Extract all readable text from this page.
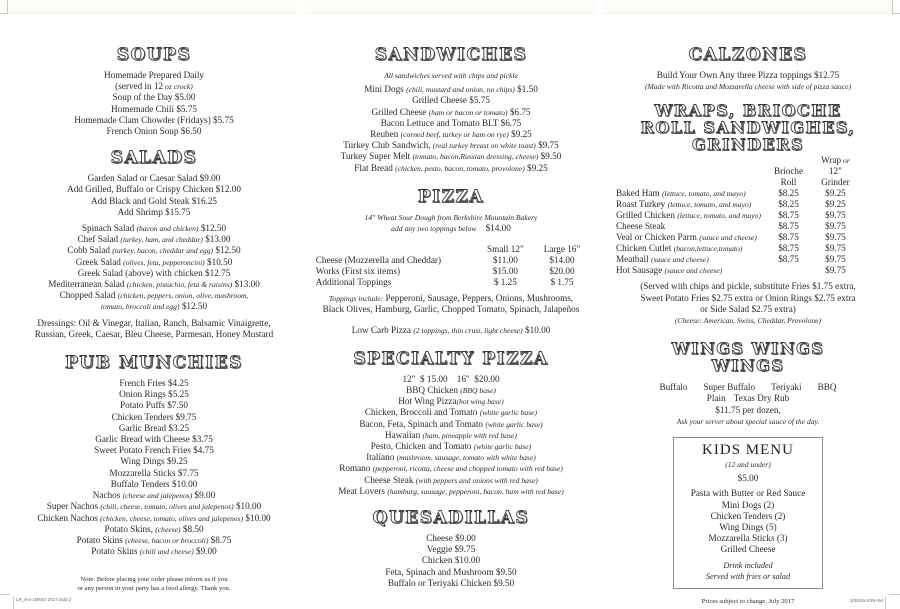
SOUPS
Homemade Prepared Daily
(served in 12 oz crock)
Soup of the Day $5.00
Homemade Chili $5.75
Homemade Clam Chowder (Fridays) $5.75
French Onion Soup $6.50
SALADS
Garden Salad or Caesar Salad $9.00
Add Grilled, Buffalo or Crispy Chicken $12.00
Add Black and Gold Steak $16.25
Add Shrimp $15.75
Spinach Salad (bacon and chicken) $12.50
Chef Salad (turkey, ham, and cheddar) $13.00
Cobb Salad (turkey, bacon, cheddar and egg) $12.50
Greek Salad (olives, feta, pepperoncini) $10.50
Greek Salad (above) with chicken $12.75
Mediterranean Salad (chicken, pistachio, feta & raisins) $13.00
Chopped Salad (chicken, peppers, onion, olive, mushroom,
tomato, broccoli and egg) $12.50
Dressings: Oil & Vinegar, Italian, Ranch, Balsamic Vinaigrette,
Russian, Greek, Caesar, Bleu Cheese, Parmesan, Honey Mustard
PUB MUNCHIES
French Fries $4.25
Onion Rings $5.25
Potato Puffs $7.50
Chicken Tenders $9.75
Garlic Bread $3.25
Garlic Bread with Cheese $3.75
Sweet Potato French Fries $4.75
Wing Dings $9.25
Mozzarella Sticks $7.75
Buffalo Tenders $10.00
Nachos (cheese and jalepenos) $9.00
Super Nachos (chili, cheese, tomato, olives and jalepenos) $10.00
Chicken Nachos (chicken, cheese, tomato, olives and jalepenos) $10.00
Potato Skins, (cheese) $8.50
Potato Skins (cheese, bacon or broccoli) $8.75
Potato Skins (chili and cheese) $9.00
Note: Before placing your order please inform us if you
or any person in your party has a food allergy. Thank you.
SANDWICHES
All sandwiches served with chips and pickle
Mini Dogs (chili, mustard and onion, no chips) $1.50
Grilled Cheese $5.75
Grilled Cheese (ham or bacon or tomato) $6.75
Bacon Lettuce and Tomato BLT $6.75
Reuben (corned beef, turkey or ham on rye) $9.25
Turkey Club Sandwich, (real turkey breast on white toast) $9.75
Turkey Super Melt (tomato, bacon,Russian dressing, cheese) $9.50
Flat Bread (chicken, pesto, bacon, tomato, provolone) $9.25
PIZZA
14" Wheat Sour Dough from Berkshire Mountain Bakery
add any two toppings below $14.00
	Small 12"	Large 16"
Cheese (Mozzerella and Cheddar)	$11.00	$14.00
Works (First six items)	$15.00	$20.00
Additional Toppings	$ 1.25	$ 1.75
Toppings include: Pepperoni, Sausage, Peppers, Onions, Mushrooms,
Black Olives, Hamburg, Garlic, Chopped Tomato, Spinach, Jalapeños
Low Carb Pizza (2 toppings, thin crust, light cheese) $10.00
SPECIALTY PIZZA
12"  $ 15.00    16"  $20.00
BBQ Chicken (BBQ base)
Hot Wing Pizza(hot wing base)
Chicken, Broccoli and Tomato (white garlic base)
Bacon, Feta, Spinach and Tomato (white garlic base)
Hawaiian (ham, pineapple with red base)
Pesto, Chicken and Tomato (white garlic base)
Italiano (mushroom, sausage, tomato with white base)
Romano (pepperoni, ricotta, cheese and chopped tomato with red base)
Cheese Steak (with peppers and onions with red base)
Meat Lovers (hamburg, sausage, pepperoni, bacon, ham with red base)
QUESADILLAS
Cheese $9.00
Veggie $9.75
Chicken $10.00
Feta, Spinach and Mushroom $9.50
Buffalo or Teriyaki Chicken $9.50
CALZONES
Build Your Own Any three Pizza toppings $12.75
(Made with Ricotta and Mozzarella cheese with side of pizza sauce)
WRAPS, BRIOCHE
ROLL SANDWIGHES,
GRINDERS

	Brioche
Roll	Wrap or
12"
Grinder

Baked Ham (lettuce, tomato, and mayo)	$8.25	$9.25
Roast Turkey (lettuce, tomato, and mayo)	$8.25	$9.25
Grilled Chicken (lettuce, tomato, and mayo)	$8.75	$9.75
Cheese Steak	$8.75	$9.75
Veal or Chicken Parm (sauce and cheese)	$8.75	$9.75
Chicken Cutlet (bacon,lettuce,tomato)	$8.75	$9.75
Meatball (sauce and cheese)	$8.75	$9.75
Hot Sausage (sauce and cheese)		$9.75
(Served with chips and pickle, substitute Fries $1.75 extra,
Sweet Potato Fries $2.75 extra or Onion Rings $2.75 extra
or Side Salad $2.75 extra)
(Cheese: American, Swiss, Cheddar, Provolone)
WINGS WINGS
WINGS
Buffalo Super Buffalo Teriyaki BBQ
Plain Texas Dry Rub
$11.75 per dozen,
Ask your server about special sauce of the day.
KIDS MENU
(12 and under)
$5.00
Pasta with Butter or Red Sauce
Mini Dogs (2)
Chicken Tenders (2)
Wing Dings (5)
Mozzarella Sticks (3)
Grilled Cheese
Drink included
Served with fries or salad
Prices subject to change, July 2017
LR_8-4-15REV 2017.indd 2	3/25/19 8:59 AM
